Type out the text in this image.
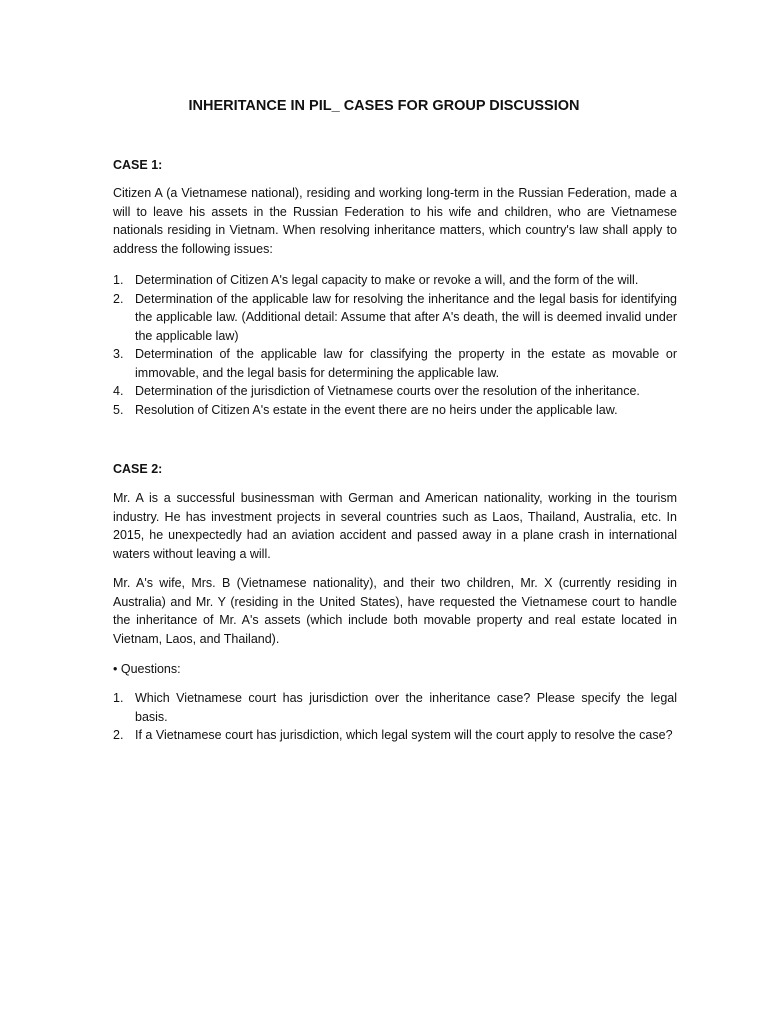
INHERITANCE IN PIL_ CASES FOR GROUP DISCUSSION
CASE 1:

Citizen A (a Vietnamese national), residing and working long-term in the Russian Federation, made a will to leave his assets in the Russian Federation to his wife and children, who are Vietnamese nationals residing in Vietnam. When resolving inheritance matters, which country's law shall apply to address the following issues:

1. Determination of Citizen A's legal capacity to make or revoke a will, and the form of the will.
2. Determination of the applicable law for resolving the inheritance and the legal basis for identifying the applicable law. (Additional detail: Assume that after A's death, the will is deemed invalid under the applicable law)
3. Determination of the applicable law for classifying the property in the estate as movable or immovable, and the legal basis for determining the applicable law.
4. Determination of the jurisdiction of Vietnamese courts over the resolution of the inheritance.
5. Resolution of Citizen A's estate in the event there are no heirs under the applicable law.
CASE 2:

Mr. A is a successful businessman with German and American nationality, working in the tourism industry. He has investment projects in several countries such as Laos, Thailand, Australia, etc. In 2015, he unexpectedly had an aviation accident and passed away in a plane crash in international waters without leaving a will.

Mr. A's wife, Mrs. B (Vietnamese nationality), and their two children, Mr. X (currently residing in Australia) and Mr. Y (residing in the United States), have requested the Vietnamese court to handle the inheritance of Mr. A's assets (which include both movable property and real estate located in Vietnam, Laos, and Thailand).

• Questions:
1. Which Vietnamese court has jurisdiction over the inheritance case? Please specify the legal basis.
2. If a Vietnamese court has jurisdiction, which legal system will the court apply to resolve the case?
